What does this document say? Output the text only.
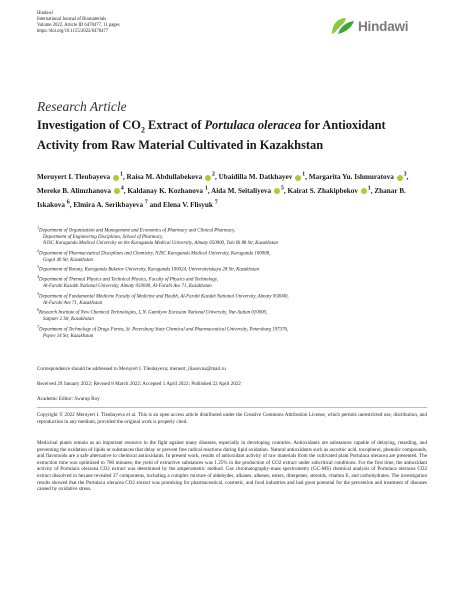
Hindawi
International Journal of Biomaterials
Volume 2022, Article ID 6478477, 11 pages
https://doi.org/10.1155/2022/6478477	Hindawi
Research Article
Investigation of $CO_2$ Extract of Portulaca oleracea for Antioxidant Activity from Raw Material Cultivated in Kazakhstan
Meruyert I. Tleubayeva $^1$, Raisa M. Abdullabekova $^2$, Ubaidilla M. Datkhayev $^1$, Margarita Yu. Ishmuratova $^3$, Mereke B. Alimzhanova $^4$, Kaldanay K. Kozhanova $^1$, Aida M. Seitaliyeva $^5$, Kairat S. Zhakipbekov $^1$, Zhanar B. Iskakova $^6$, Elmira A. Serikbayeva $^7$ and Elena V. Flisyuk $^7$
$^1$Department of Organization and Management and Economics of Pharmacy and Clinical Pharmacy,
Department of Engineering Disciplines, School of Pharmacy,
NJSC Karaganda Medical University on the Karaganda Medical University, Almaty 050000, Tole Bi 88 Str, Kazakhstan
$^2$Department of Pharmaceutical Disciplines and Chemistry, NJSC Karaganda Medical University, Karaganda 100008,
Gogol 40 Str, Kazakhstan
$^3$Department of Botany, Karaganda Buketov University, Karaganda 100024, Universitetskaya 28 Str, Kazakhstan
$^4$Department of Thermal Physics and Technical Physics, Faculty of Physics and Technology,
Al-Farabi Kazakh National University, Almaty 050040, Al-Farabi Ave 71, Kazakhstan
$^5$Department of Fundamental Medicine Faculty of Medicine and Health, Al-Farabi Kazakh National University, Almaty 050040,
Al-Farabi Ave 71, Kazakhstan
$^6$Research Institute of New Chemical Technologies, L.N. Gumilyov Eurasian National University, Nur-Sultan 010000,
Satpaev 2 Str, Kazakhstan
$^7$Department of Technology of Drugs Forms, St. Petersburg State Chemical and Pharmaceutical University, Petersburg 197376,
Popov 14 Str, Kazakhstan
Correspondence should be addressed to Meruyert I. Tleubayeva; meruert_iliasovna@mail.ru
Received 29 January 2022; Revised 8 March 2022; Accepted 1 April 2022; Published 22 April 2022
Academic Editor: Swarup Roy
Copyright © 2022 Meruyert I. Tleubayeva et al. This is an open access article distributed under the Creative Commons Attribution License, which permits unrestricted use, distribution, and reproduction in any medium, provided the original work is properly cited.
Medicinal plants remain as an important resource in the fight against many diseases, especially in developing countries. Antioxidants are substances capable of delaying, retarding, and preventing the oxidation of lipids or substances that delay or prevent free radical reactions during lipid oxidation. Natural antioxidants such as ascorbic acid, tocopherol, phenolic compounds, and flavonoids are a safe alternative to chemical antioxidants. In present work, results of antioxidant activity of raw materials from the cultivated plant Portulaca oleracea are presented. The extraction time was optimized to 780 minutes; the yield of extractive substances was 1.25% in the production of CO2 extract under subcritical conditions. For the first time, the antioxidant activity of Portulaca oleracea CO2 extract was determined by the amperometric method. Gas chromatography-mass spectrometry (GC-MS) chemical analysis of Portulaca oleracea CO2 extract dissolved in hexane revealed 37 components, including a complex mixture of aldehydes, alkanes, alkenes, esters, diterpenes, steroids, vitamin E, and carbohydrates. The investigation results showed that the Portulaca oleracea CO2 extract was promising for pharmaceutical, cosmetic, and food industries and had great potential for the prevention and treatment of diseases caused by oxidative stress.
